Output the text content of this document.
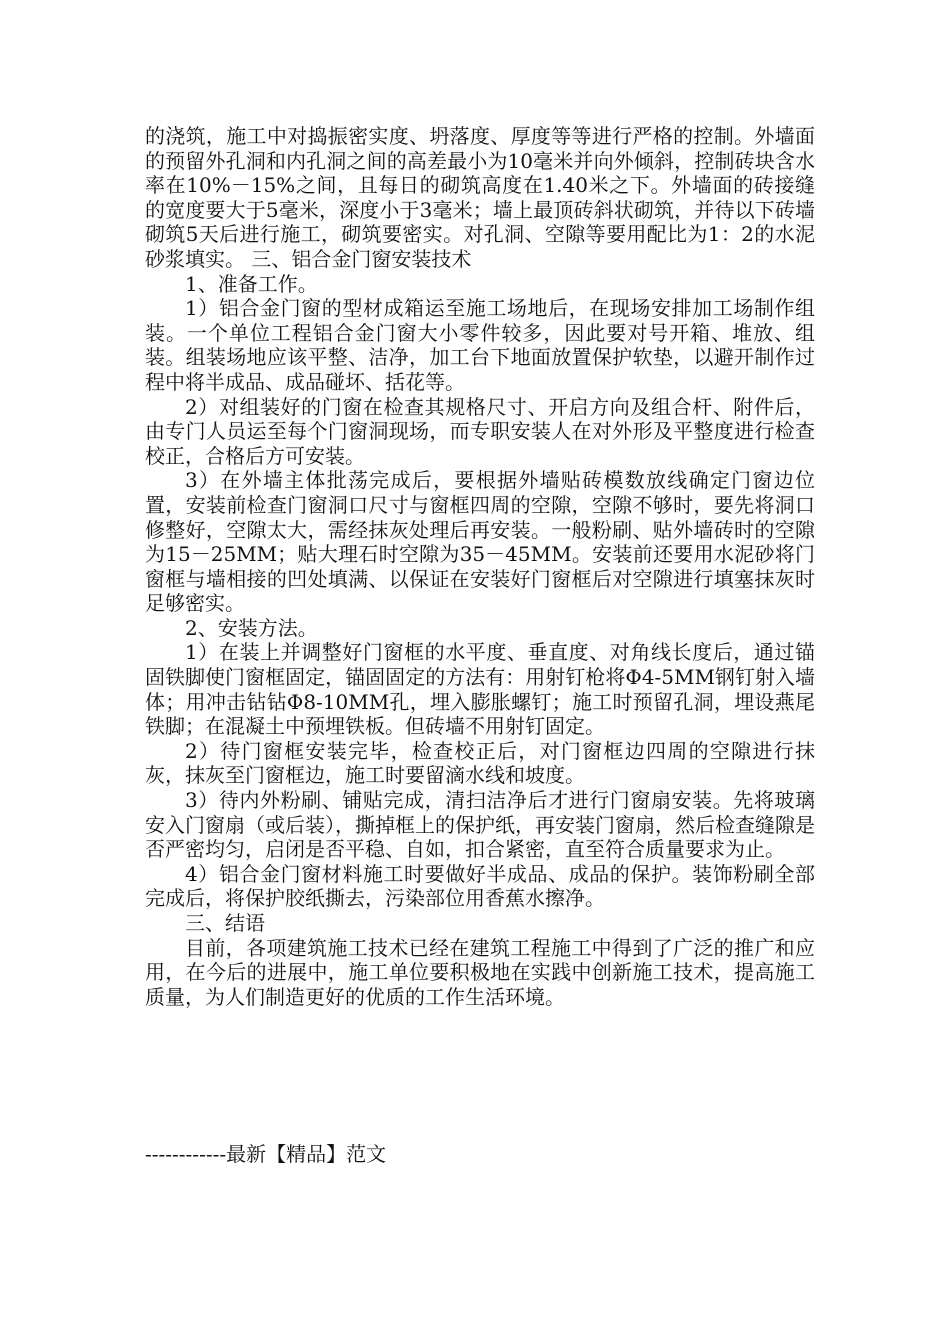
的浇筑，施工中对捣振密实度、坍落度、厚度等等进行严格的控制。外墙面的预留外孔洞和内孔洞之间的高差最小为10毫米并向外倾斜，控制砖块含水率在10%－15%之间，且每日的砌筑高度在1.40米之下。外墙面的砖接缝的宽度要大于5毫米，深度小于3毫米；墙上最顶砖斜状砌筑，并待以下砖墙砌筑5天后进行施工，砌筑要密实。对孔洞、空隙等要用配比为1：2的水泥砂浆填实。 三、铝合金门窗安装技术

1、准备工作。

1）铝合金门窗的型材成箱运至施工场地后，在现场安排加工场制作组装。一个单位工程铝合金门窗大小零件较多，因此要对号开箱、堆放、组装。组装场地应该平整、洁净，加工台下地面放置保护软垫，以避开制作过程中将半成品、成品碰坏、括花等。

2）对组装好的门窗在检查其规格尺寸、开启方向及组合杆、附件后，由专门人员运至每个门窗洞现场，而专职安装人在对外形及平整度进行检查校正，合格后方可安装。

3）在外墙主体批荡完成后，要根据外墙贴砖模数放线确定门窗边位置，安装前检查门窗洞口尺寸与窗框四周的空隙，空隙不够时，要先将洞口修整好，空隙太大，需经抹灰处理后再安装。一般粉刷、贴外墙砖时的空隙为15－25MM；贴大理石时空隙为35－45MM。安装前还要用水泥砂将门窗框与墙相接的凹处填满、以保证在安装好门窗框后对空隙进行填塞抹灰时足够密实。

2、安装方法。

1）在装上并调整好门窗框的水平度、垂直度、对角线长度后，通过锚固铁脚使门窗框固定，锚固固定的方法有：用射钉枪将Φ4-5MM钢钉射入墙体；用冲击钻钻Φ8-10MM孔，埋入膨胀螺钉；施工时预留孔洞，埋设燕尾铁脚；在混凝土中预埋铁板。但砖墙不用射钉固定。

2）待门窗框安装完毕，检查校正后，对门窗框边四周的空隙进行抹灰，抹灰至门窗框边，施工时要留滴水线和坡度。

3）待内外粉刷、铺贴完成，清扫洁净后才进行门窗扇安装。先将玻璃安入门窗扇（或后装），撕掉框上的保护纸，再安装门窗扇，然后检查缝隙是否严密均匀，启闭是否平稳、自如，扣合紧密，直至符合质量要求为止。

4）铝合金门窗材料施工时要做好半成品、成品的保护。装饰粉刷全部完成后，将保护胶纸撕去，污染部位用香蕉水擦净。

三、结语

目前，各项建筑施工技术已经在建筑工程施工中得到了广泛的推广和应用，在今后的进展中，施工单位要积极地在实践中创新施工技术，提高施工质量，为人们制造更好的优质的工作生活环境。

------------最新【精品】范文
